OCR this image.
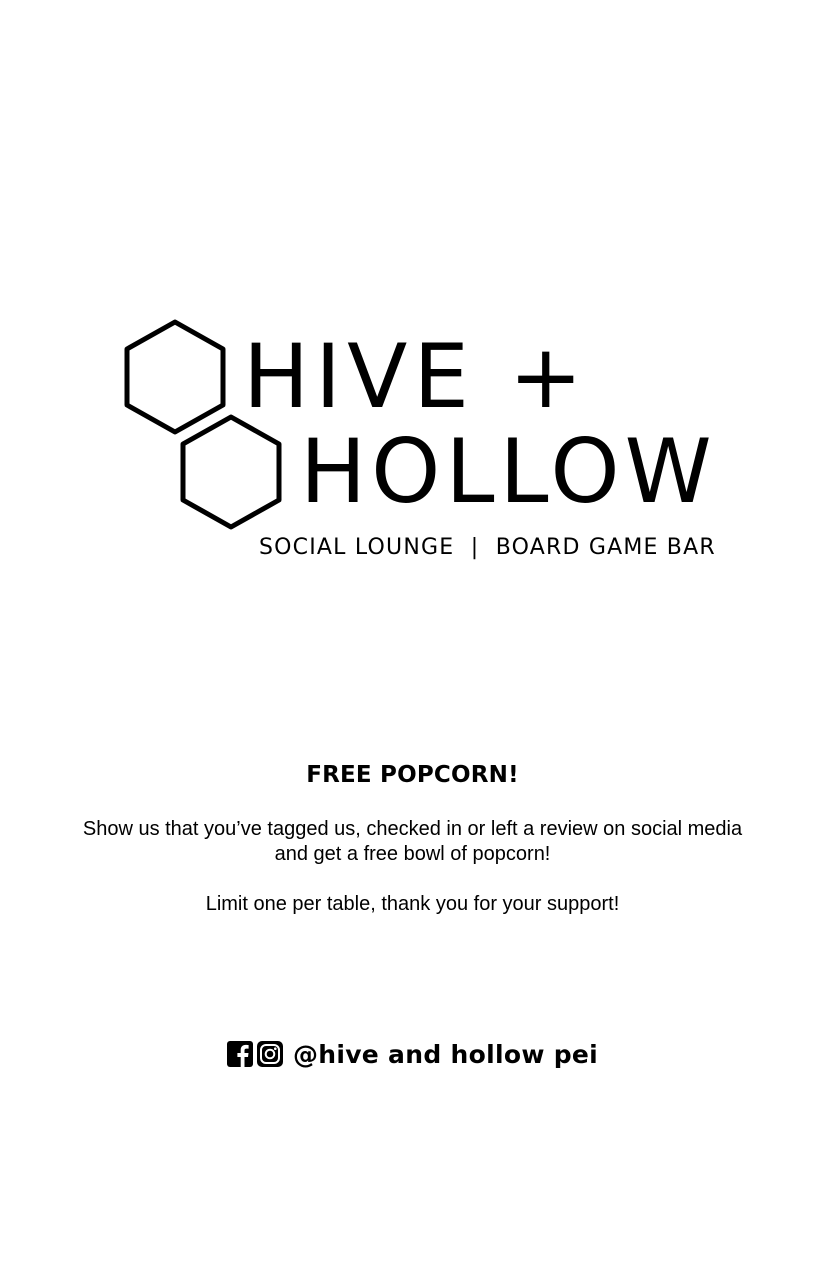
HIVE +
HOLLOW
SOCIAL LOUNGE  |  BOARD GAME BAR
FREE POPCORN!
Show us that you’ve tagged us, checked in or left a review on social media
and get a free bowl of popcorn!
Limit one per table, thank you for your support!
@hive and hollow pei
